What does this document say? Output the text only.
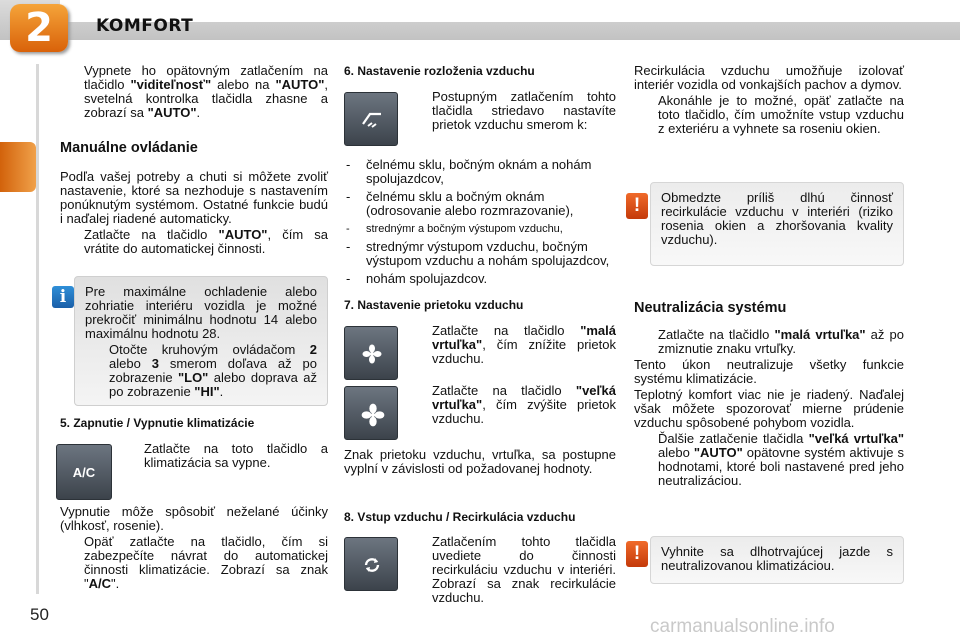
2	KOMFORT
Vypnete ho opätovným zatlačením na tlačidlo "viditeľnosť" alebo na "AUTO", svetelná kontrolka tlačidla zhasne a zobrazí sa "AUTO".
Manuálne ovládanie
Podľa vašej potreby a chuti si môžete zvoliť nastavenie, ktoré sa nezhoduje s nastavením ponúknutým systémom. Ostatné funkcie budú i naďalej riadené automaticky.
Zatlačte na tlačidlo "AUTO", čím sa vrátite do automatickej činnosti.
i	Pre maximálne ochladenie alebo zohriatie interiéru vozidla je možné prekročiť minimálnu hodnotu 14 alebo maximálnu hodnotu 28.
Otočte kruhovým ovládačom 2 alebo 3 smerom doľava až po zobrazenie "LO" alebo doprava až po zobrazenie "HI".
5. Zapnutie / Vypnutie klimatizácie
A/C
Zatlačte na toto tlačidlo a klimatizácia sa vypne.
Vypnutie môže spôsobiť neželané účinky (vlhkosť, rosenie).
Opäť zatlačte na tlačidlo, čím si zabezpečíte návrat do automatickej činnosti klimatizácie. Zobrazí sa znak "A/C".
6. Nastavenie rozloženia vzduchu
Postupným zatlačením tohto tlačidla striedavo nastavíte prietok vzduchu smerom k:
- čelnému sklu, bočným oknám a nohám spolujazdcov,
- čelnému sklu a bočným oknám (odrosovanie alebo rozmrazovanie),
- strednýmr a bočným výstupom vzduchu,
- strednýmr výstupom vzduchu, bočným výstupom vzduchu a nohám spolujazdcov,
- nohám spolujazdcov.
7. Nastavenie prietoku vzduchu
Zatlačte na tlačidlo "malá vrtuľka", čím znížite prietok vzduchu.
Zatlačte na tlačidlo "veľká vrtuľka", čím zvýšite prietok vzduchu.
Znak prietoku vzduchu, vrtuľka, sa postupne vyplní v závislosti od požadovanej hodnoty.
8. Vstup vzduchu / Recirkulácia vzduchu
Zatlačením tohto tlačidla uvediete do činnosti recirkuláciu vzduchu v interiéri. Zobrazí sa znak recirkulácie vzduchu.
Recirkulácia vzduchu umožňuje izolovať interiér vozidla od vonkajších pachov a dymov.
Akonáhle je to možné, opäť zatlačte na toto tlačidlo, čím umožníte vstup vzduchu z exteriéru a vyhnete sa roseniu okien.
!	Obmedzte príliš dlhú činnosť recirkulácie vzduchu v interiéri (riziko rosenia okien a zhoršovania kvality vzduchu).
Neutralizácia systému
Zatlačte na tlačidlo "malá vrtuľka" až po zmiznutie znaku vrtuľky.
Tento úkon neutralizuje všetky funkcie systému klimatizácie.
Teplotný komfort viac nie je riadený. Naďalej však môžete spozorovať mierne prúdenie vzduchu spôsobené pohybom vozidla.
Ďalšie zatlačenie tlačidla "veľká vrtuľka" alebo "AUTO" opätovne systém aktivuje s hodnotami, ktoré boli nastavené pred jeho neutralizáciou.
!	Vyhnite sa dlhotrvajúcej jazde s neutralizovanou klimatizáciou.
50
carmanualsonline.info
